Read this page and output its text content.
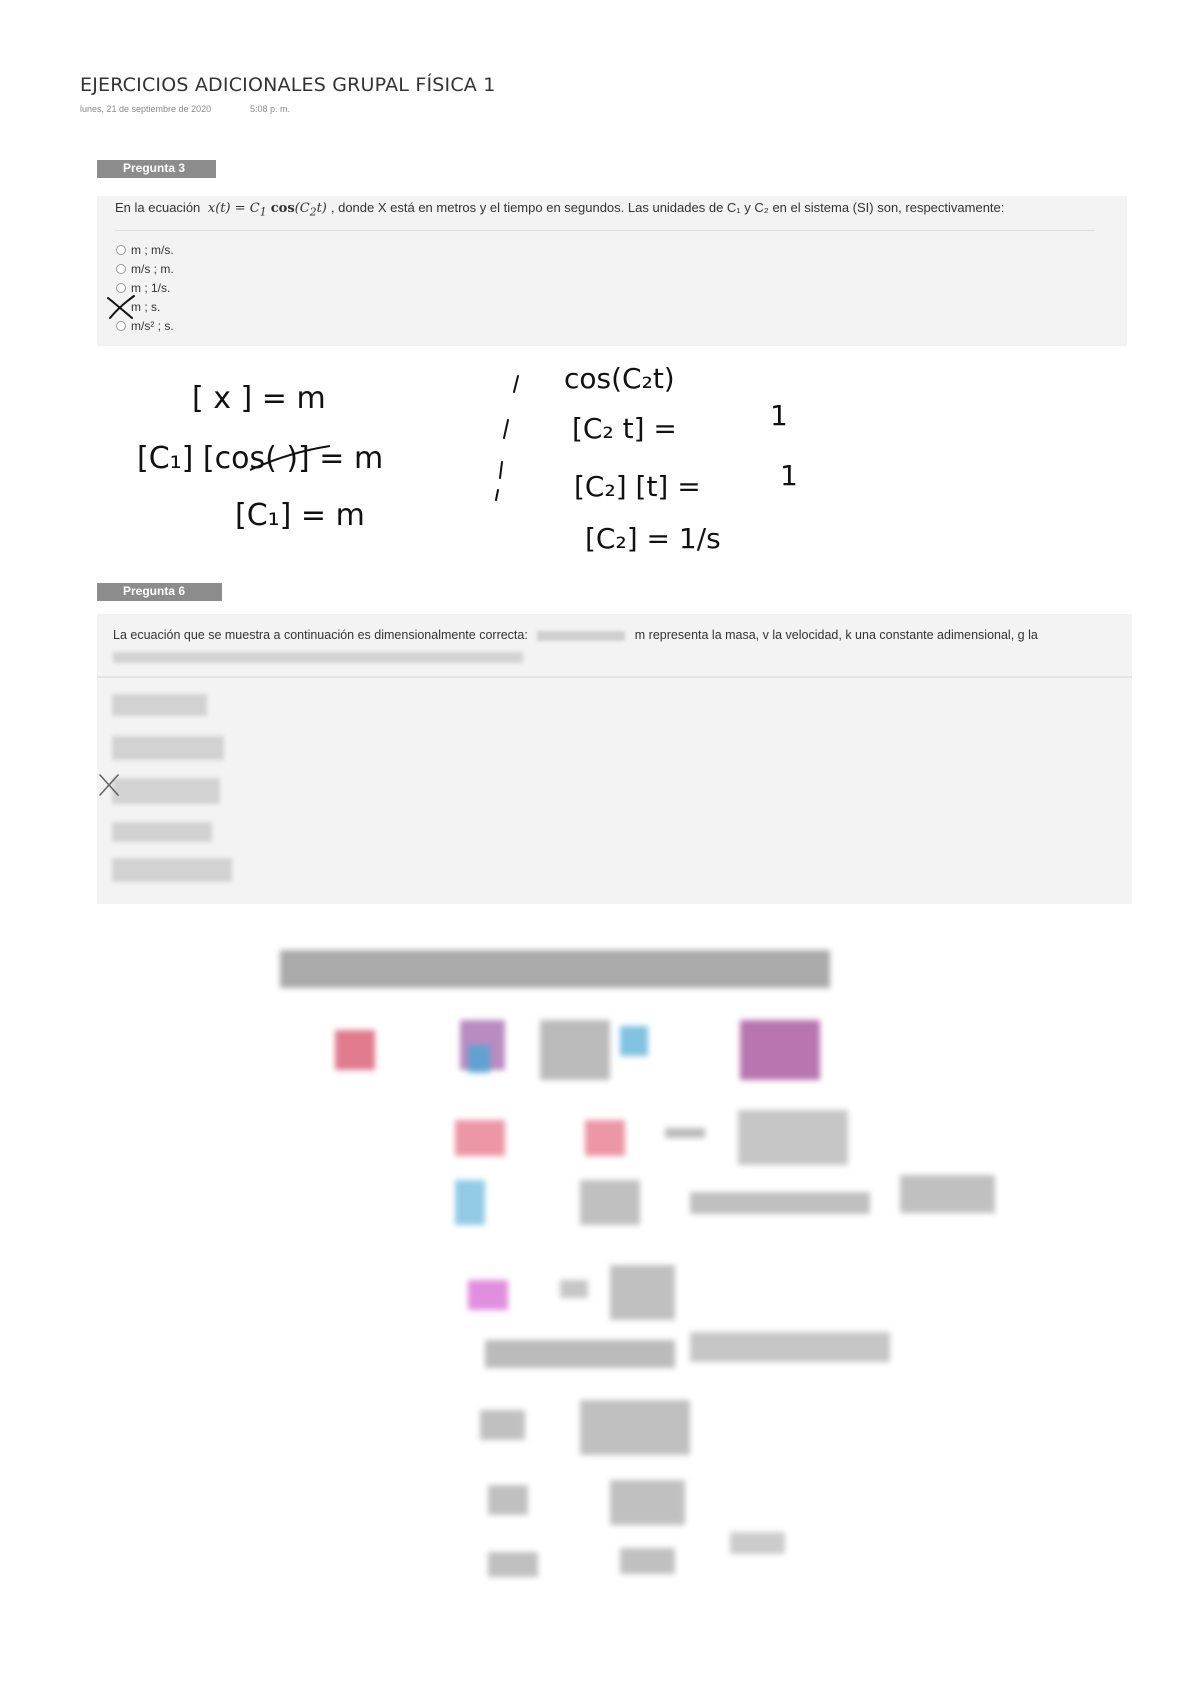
EJERCICIOS ADICIONALES GRUPAL FÍSICA 1
lunes, 21 de septiembre de 2020	5:08 p. m.
Pregunta 3
En la ecuación $x(t) = C_1$ $\cos(C_2t)$ , donde X está en metros y el tiempo en segundos. Las unidades de C₁ y C₂ en el sistema (SI) son, respectivamente:
m ; m/s.
m/s ; m.
m ; 1/s.
m ; s.
m/s² ; s.
Pregunta 6
La ecuación que se muestra a continuación es dimensionalmente correcta:	m representa la masa, v la velocidad, k una constante adimensional, g la
[ x ] = m
[C₁] [cos( )] = m
[C₁] = m
cos(C₂t)
[C₂ t] =	1
[C₂] [t] =	1
[C₂] = 1/s
